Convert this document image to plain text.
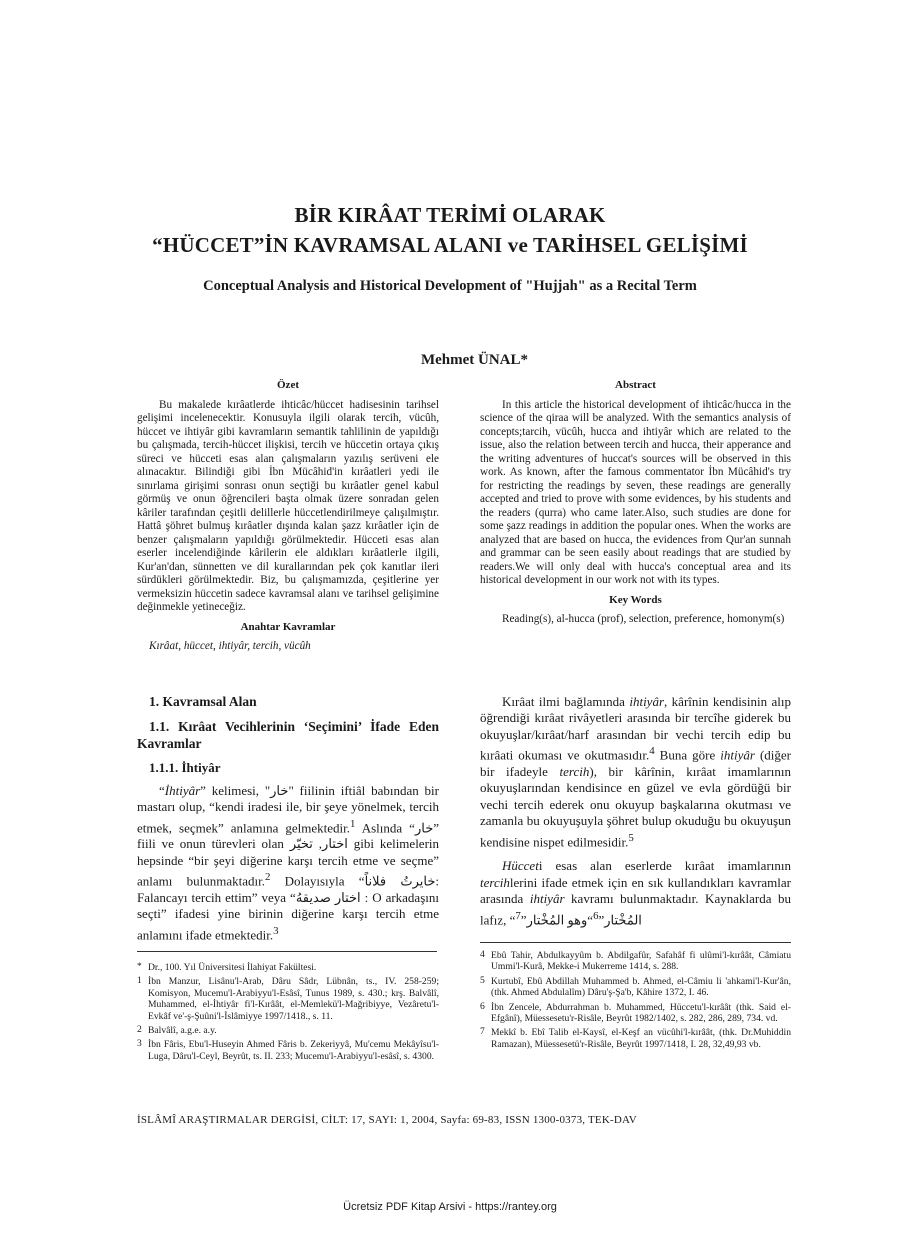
BİR KIRÂAT TERİMİ OLARAK
“HÜCCET”İN KAVRAMSAL ALANI ve TARİHSEL GELİŞİMİ
Conceptual Analysis and Historical Development of "Hujjah" as a Recital Term
Mehmet ÜNAL*
Özet

Bu makalede kırâatlerde ihticâc/hüccet hadisesinin tarihsel gelişimi incelenecektir. Konusuyla ilgili olarak tercih, vücûh, hüccet ve ihtiyâr gibi kavramların semantik tahlilinin de yapıldığı bu çalışmada, tercih-hüccet ilişkisi, tercih ve hüccetin ortaya çıkış süreci ve hücceti esas alan çalışmaların yazılış serüveni ele alınacaktır. Bilindiği gibi İbn Mücâhid'in kırâatleri yedi ile sınırlama girişimi sonrası onun seçtiği bu kırâatler genel kabul görmüş ve onun öğrencileri başta olmak üzere sonradan gelen kâriler tarafından çeşitli delillerle hüccetlendirilmeye çalışılmıştır. Hattâ şöhret bulmuş kırâatler dışında kalan şazz kırâatler için de benzer çalışmaların yapıldığı görülmektedir. Hücceti esas alan eserler incelendiğinde kârilerin ele aldıkları kırâatlerle ilgili, Kur'an'dan, sünnetten ve dil kurallarından pek çok kanıtlar ileri sürdükleri görülmektedir. Biz, bu çalışmamızda, çeşitlerine yer vermeksizin hüccetin sadece kavramsal alanı ve tarihsel gelişimine değinmekle yetineceğiz.

Anahtar Kavramlar

Kırâat, hüccet, ihtiyâr, tercih, vücûh

Abstract

In this article the historical development of ihticâc/hucca in the science of the qiraa will be analyzed. With the semantics analysis of concepts;tarcih, vücûh, hucca and ihtiyâr which are related to the issue, also the relation between tercih and hucca, their apperance and the writing adventures of huccat's sources will be observed in this work. As known, after the famous commentator İbn Mücâhid's try for restricting the readings by seven, these readings are generally accepted and tried to prove with some evidences, by his students and the readers (qurra) who came later.Also, such studies are done for some şazz readings in addition the popular ones. When the works are analyzed that are based on hucca, the evidences from Qur'an sunnah and grammar can be seen easily about readings that are studied by readers.We will only deal with hucca's conceptual area and its historical development in our work not with its types.

Key Words

Reading(s), al-hucca (prof), selection, preference, homonym(s)

1. Kavramsal Alan
1.1. Kırâat Vecihlerinin ‘Seçimini’ İfade Eden Kavramlar
1.1.1. İhtiyâr

“İhtiyâr” kelimesi, "خار" fiilinin iftiâl babından bir mastarı olup, “kendi iradesi ile, bir şeye yönelmek, tercih etmek, seçmek” anlamına gelmektedir.$^1$ Aslında “خار” fiili ve onun türevleri olan اختار, تخيّر gibi kelimelerin hepsinde “bir şeyi diğerine karşı tercih etme ve seçme” anlamı bulunmaktadır.$^2$ Dolayısıyla “خايرتُ فلاناً: Falancayı tercih ettim” veya “اختار صديقهُ : O arkadaşını seçti” ifadesi yine birinin diğerine karşı tercih etme anlamını ifade etmektedir.$^3$

Kırâat ilmi bağlamında ihtiyâr, kârînin kendisinin alıp öğrendiği kırâat rivâyetleri arasında bir tercîhe giderek bu okuyuşlar/kırâat/harf arasından bir vechi tercih edip bu kırâati okuması ve okutmasıdır.$^4$ Buna göre ihtiyâr (diğer bir ifadeyle tercih), bir kârînin, kırâat imamlarının okuyuşlarından kendisince en güzel ve evla gördüğü bir vechi tercih ederek onu okuyup başkalarına okutması ve zamanla bu okuyuşuyla şöhret bulup okuduğu bu okuyuşun kendisine nispet edilmesidir.$^5$

Hücceti esas alan eserlerde kırâat imamlarının tercihlerini ifade etmek için en sık kullandıkları kavramlar arasında ihtiyâr kavramı bulunmaktadır. Kaynaklarda bu lafız, “المُخْتار”$^6$“وهو المُخْتار”$^7$

* Dr., 100. Yıl Üniversitesi İlahiyat Fakültesi.
1 İbn Manzur, Lisânu'l-Arab, Dâru Sâdr, Lübnân, ts., IV. 258-259; Komisyon, Mucemu'l-Arabiyyu'l-Esâsî, Tunus 1989, s. 430.; krş. Balvâlî, Muhammed, el-İhtiyâr fi'l-Kırâât, el-Memlekü'l-Mağribiyye, Vezâretu'l-Evkâf ve'-ş-Şuûni'l-İslâmiyye 1997/1418., s. 11.
2 Balvâlî, a.g.e. a.y.
3 İbn Fâris, Ebu'l-Huseyin Ahmed Fâris b. Zekeriyyâ, Mu'cemu Mekâyîsu'l-Luga, Dâru'l-Ceyl, Beyrût, ts. II. 233; Mucemu'l-Arabiyyu'l-esâsî, s. 4300.
4 Ebû Tahir, Abdulkayyûm b. Abdilgafûr, Safahâf fi ulûmi'l-kırâât, Câmiatu Ummi'l-Kurâ, Mekke-i Mukerreme 1414, s. 288.
5 Kurtubî, Ebû Abdillah Muhammed b. Ahmed, el-Câmiu li 'ahkami'l-Kur'ân, (thk. Ahmed Abdulalîm) Dâru'ş-Şa'b, Kâhire 1372, I. 46.
6 İbn Zencele, Abdurrahman b. Muhammed, Hüccetu'l-kırâât (thk. Said el-Efgânî), Müessesetu'r-Risâle, Beyrût 1982/1402, s. 282, 286, 289, 734. vd.
7 Mekkî b. Ebî Talib el-Kaysî, el-Keşf an vücûhi'l-kırâât, (thk. Dr.Muhiddin Ramazan), Müessesetü'r-Risâle, Beyrût 1997/1418, I. 28, 32,49,93 vb.
İSLÂMÎ ARAŞTIRMALAR DERGİSİ, CİLT: 17, SAYI: 1, 2004, Sayfa: 69-83, ISSN 1300-0373, TEK-DAV
Ücretsiz PDF Kitap Arsivi - https://rantey.org
